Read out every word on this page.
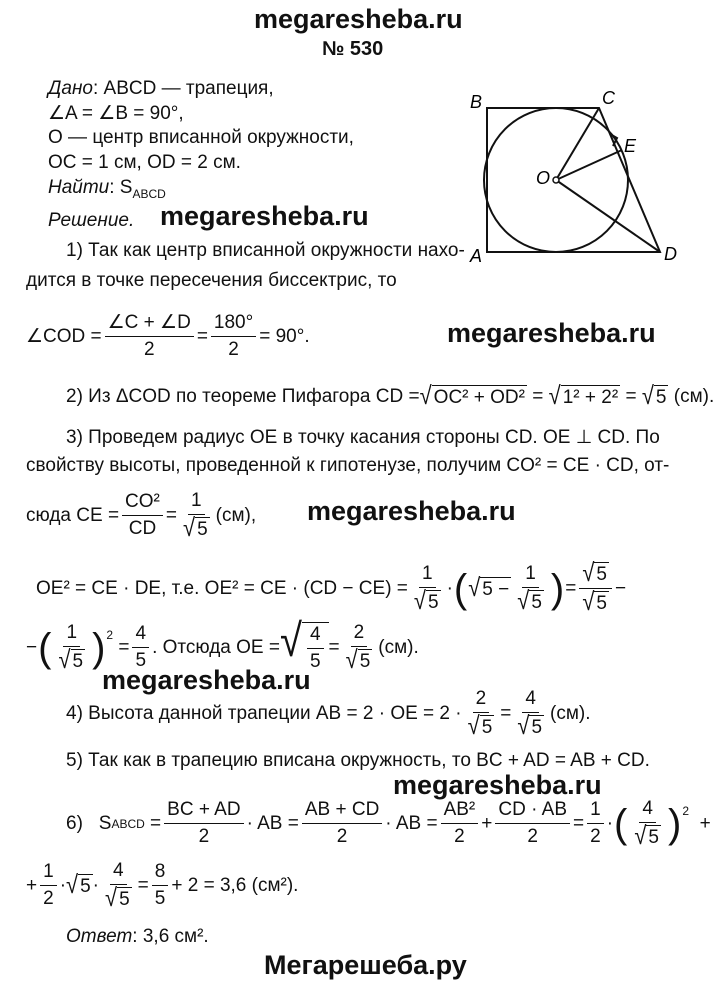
megaresheba.ru
№ 530
Дано: ABCD — трапеция,
∠A = ∠B = 90°,
O — центр вписанной окружности,
OC = 1 см, OD = 2 см.
Найти: $S_{ABCD}$
Решение. megaresheba.ru
megaresheba.ru
megaresheba.ru
megaresheba.ru
megaresheba.ru
B	C
E
O
A	D
1) Так как центр вписанной окружности нахо-
дится в точке пересечения биссектрис, то
∠COD = $\frac{\angle C + \angle D}{2} = \frac{180^\circ}{2} = 90^\circ$.
2) Из ΔCOD по теореме Пифагора CD = √ OC² + OD² = √ 1² + 2² = √ 5
(см).
3) Проведем радиус OE в точку касания стороны CD. OE ⊥ CD. По
свойству высоты, проведенной к гипотенузе, получим CO² = CE · CD, от-
сюда CE = $\frac{\text{CO²}}{CD} = \frac{1}{√ 5} (см)$,
OE² = CE · DE, т.е. OE² = CE · $(CD - CE) = \frac{1}{√ 5}$ · ( √ $5 - \frac{1}{√ 5}$ ) = $\frac{√ 5}{√ 5}$ −
− ( $\frac{1}{√ 5} )^2$
= $\frac{4}{5}$ . Отсюда OE = √ $\frac{4}{5} = \frac{2}{√ 5} (см)$.
4) Высота данной трапеции AB = 2 · OE = $2 \cdot \frac{2}{√ 5} = \frac{4}{√ 5} (см)$.
5) Так как в трапецию вписана окружность, то BC + AD = AB + CD.
6)
S ABCD = $\frac{BC + AD}{2}$ · AB = $\frac{AB + CD}{2}$ · AB = $\frac{\text{AB²}}{2} + \frac{CD \cdot AB}{2} = \frac{1}{2}$ · ( $\frac{4}{√ 5} )^2$

+
+ $\frac{1}{2}$ · √ $5 \cdot \frac{4}{√ 5} = \frac{8}{5} + 2 = 3,6$ (см²).
Ответ: 3,6 см².
Мегарешеба.ру
